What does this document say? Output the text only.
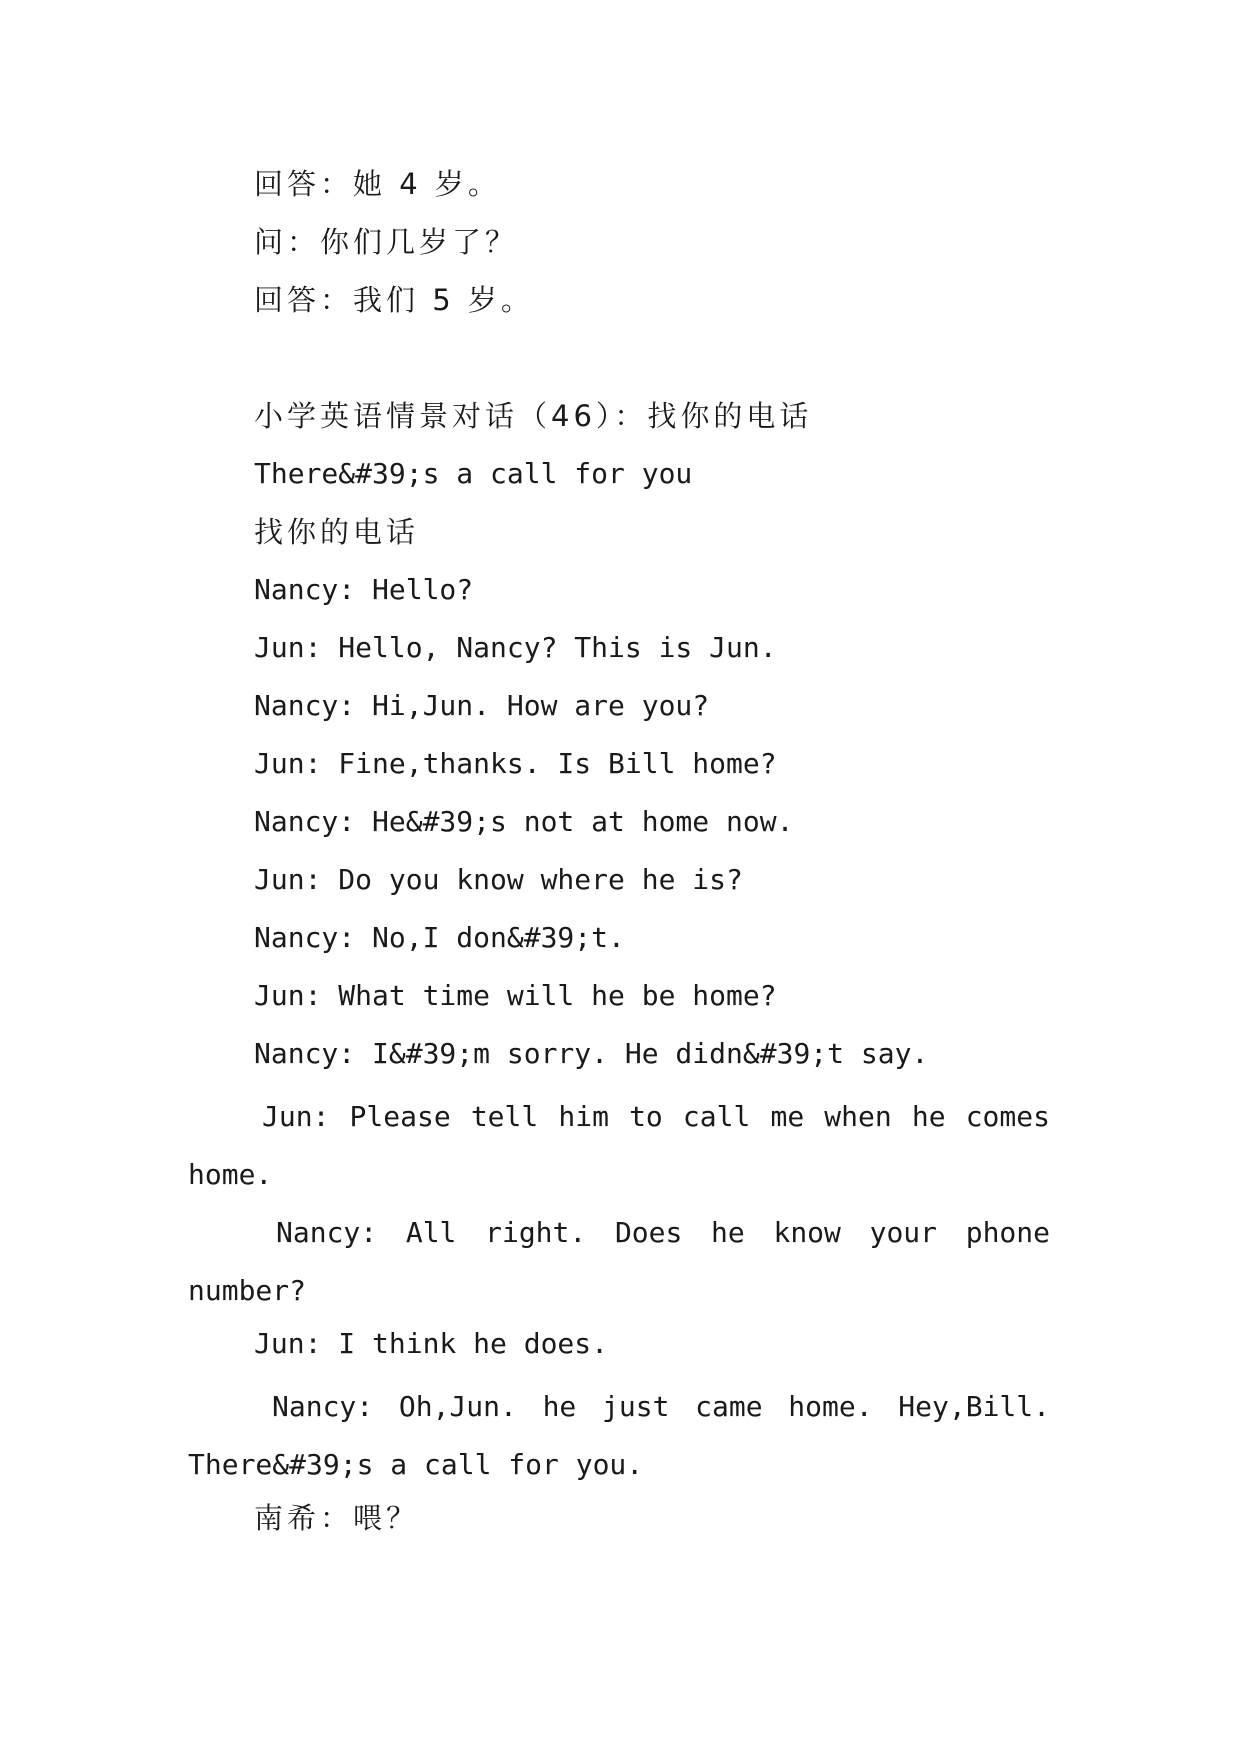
回答：她 4 岁。
问：你们几岁了？
回答：我们 5 岁。
小学英语情景对话（46）：找你的电话
There&#39;s a call for you
找你的电话
Nancy: Hello?
Jun: Hello, Nancy? This is Jun.
Nancy: Hi,Jun. How are you?
Jun: Fine,thanks. Is Bill home?
Nancy: He&#39;s not at home now.
Jun: Do you know where he is?
Nancy: No,I don&#39;t.
Jun: What time will he be home?
Nancy: I&#39;m sorry. He didn&#39;t say.
Jun: Please tell him to call me when he comes
home.
Nancy: All right. Does he know your phone
number?
Jun: I think he does.
Nancy: Oh,Jun. he just came home. Hey,Bill.
There&#39;s a call for you.
南希：喂？
